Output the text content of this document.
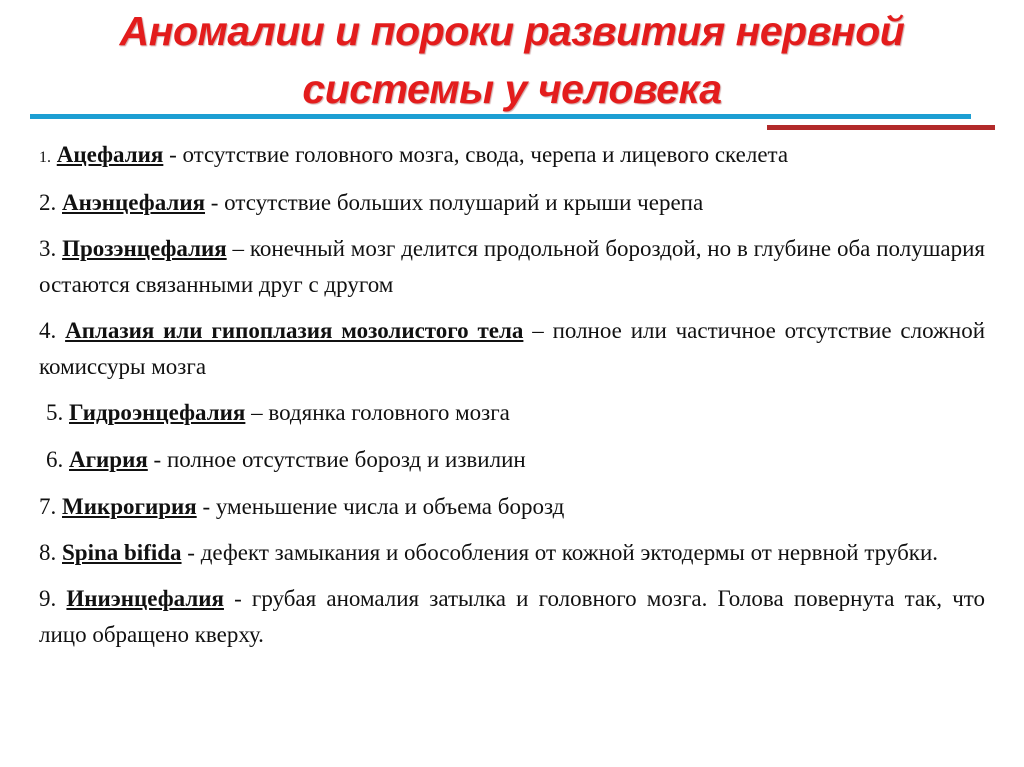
Аномалии и пороки развития нервной
системы у человека

1. Ацефалия - отсутствие головного мозга, свода, черепа и лицевого скелета

2. Анэнцефалия - отсутствие больших полушарий и крыши черепа

3. Прозэнцефалия – конечный мозг делится продольной бороздой, но в глубине оба полушария остаются связанными друг с другом

4. Аплазия или гипоплазия мозолистого тела – полное или частичное отсутствие сложной комиссуры мозга

5. Гидроэнцефалия – водянка головного мозга

6. Агирия - полное отсутствие борозд и извилин

7. Микрогирия - уменьшение числа и объема борозд

8. Spina bifida - дефект замыкания и обособления от кожной эктодермы от нервной трубки.

9. Иниэнцефалия - грубая аномалия затылка и головного мозга. Голова повернута так, что лицо обращено кверху.
